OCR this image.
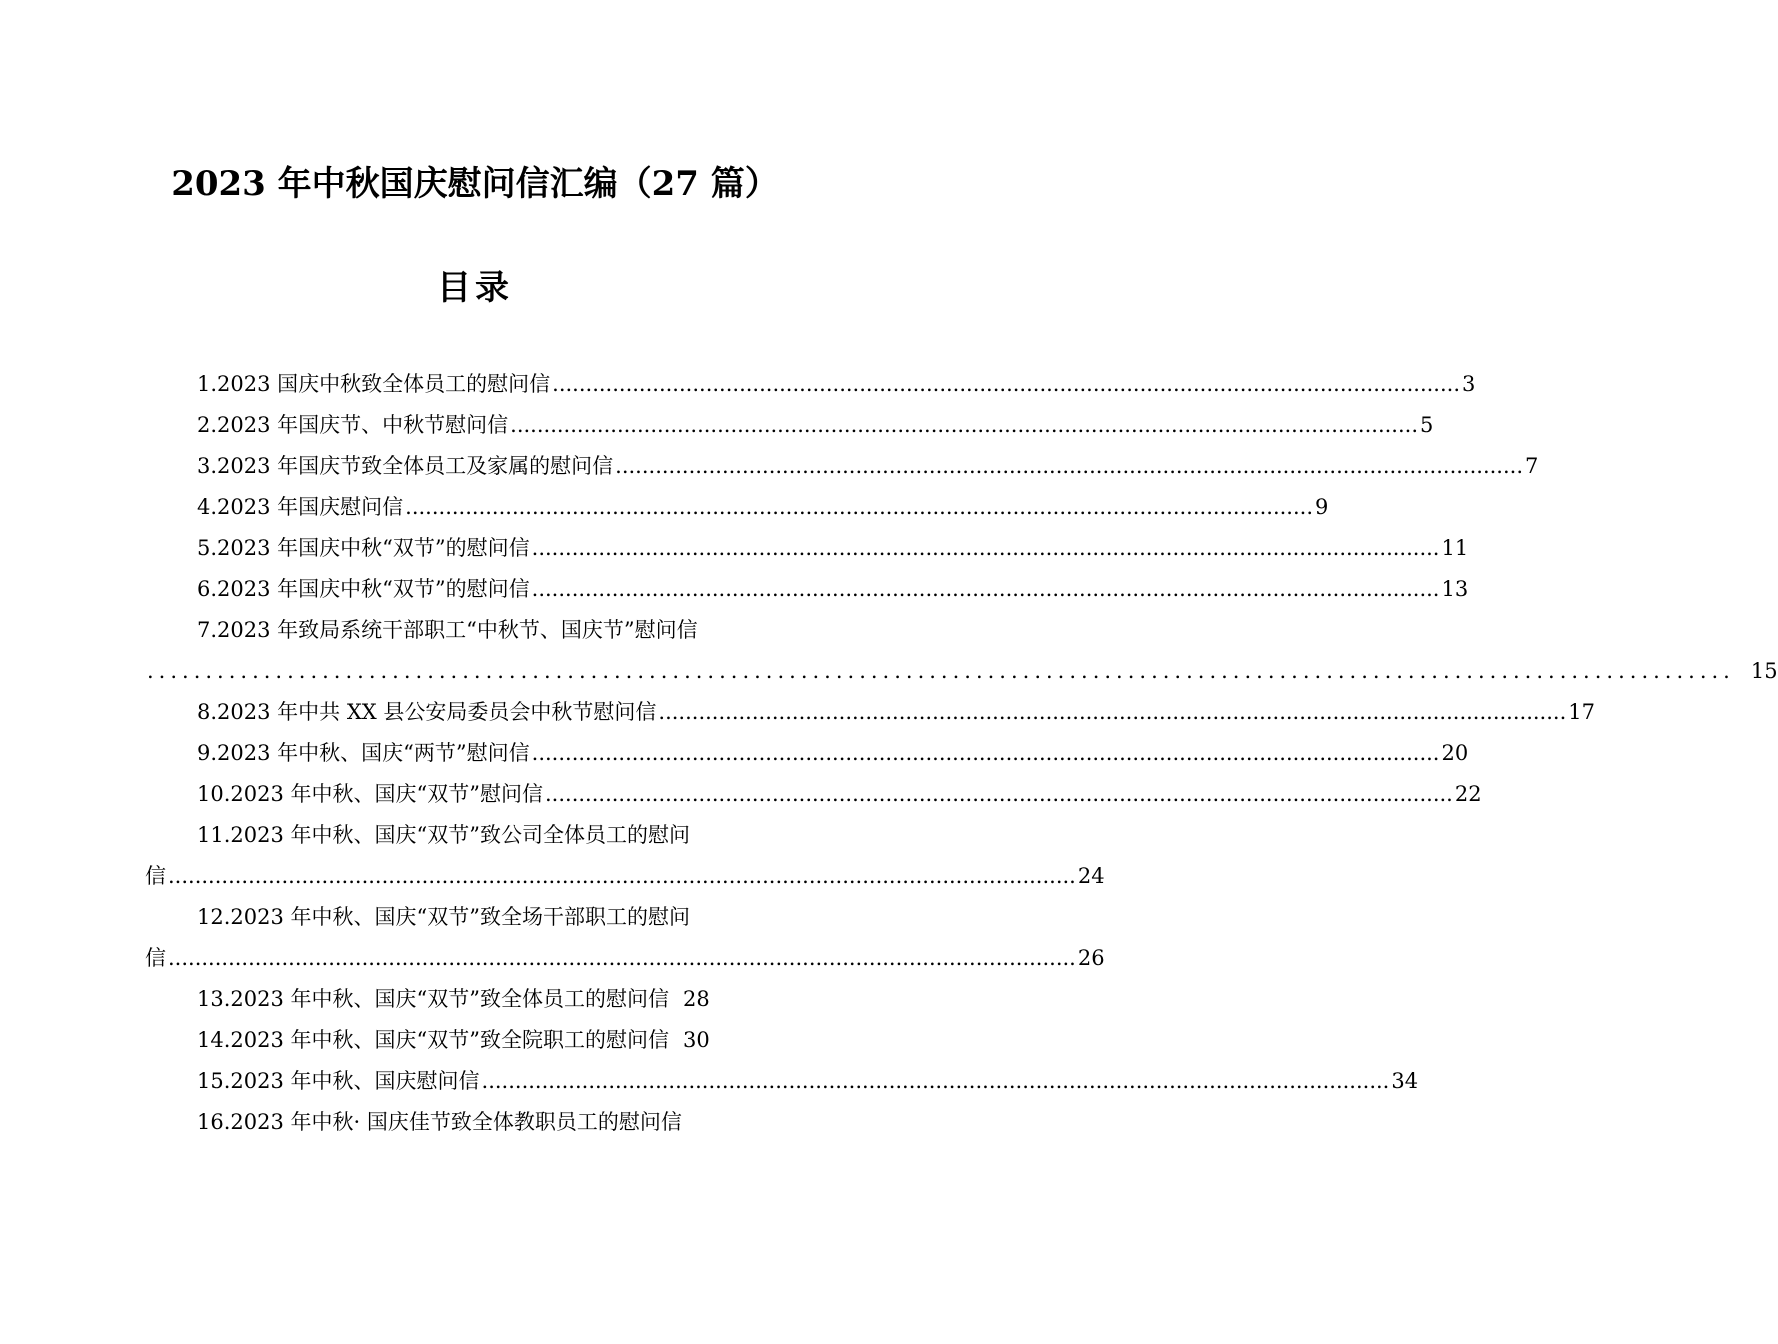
2023 年中秋国庆慰问信汇编（27 篇）
目录
1.2023 国庆中秋致全体员工的慰问信 ........................................................................................................................................ 3
2.2023 年国庆节、中秋节慰问信 ........................................................................................................................................ 5
3.2023 年国庆节致全体员工及家属的慰问信 ........................................................................................................................................ 7
4.2023 年国庆慰问信 ........................................................................................................................................ 9
5.2023 年国庆中秋“双节”的慰问信 ........................................................................................................................................ 11
6.2023 年国庆中秋“双节”的慰问信 ........................................................................................................................................ 13
7.2023 年致局系统干部职工“中秋节、国庆节”慰问信
........................................................................................................................................ 15
8.2023 年中共 XX 县公安局委员会中秋节慰问信 ........................................................................................................................................ 17
9.2023 年中秋、国庆“两节”慰问信 ........................................................................................................................................ 20
10.2023 年中秋、国庆“双节”慰问信 ........................................................................................................................................ 22
11.2023 年中秋、国庆“双节”致公司全体员工的慰问
信 ........................................................................................................................................ 24
12.2023 年中秋、国庆“双节”致全场干部职工的慰问
信 ........................................................................................................................................ 26
13.2023 年中秋、国庆“双节”致全体员工的慰问信 28
14.2023 年中秋、国庆“双节”致全院职工的慰问信 30
15.2023 年中秋、国庆慰问信 ........................................................................................................................................ 34
16.2023 年中秋· 国庆佳节致全体教职员工的慰问信
